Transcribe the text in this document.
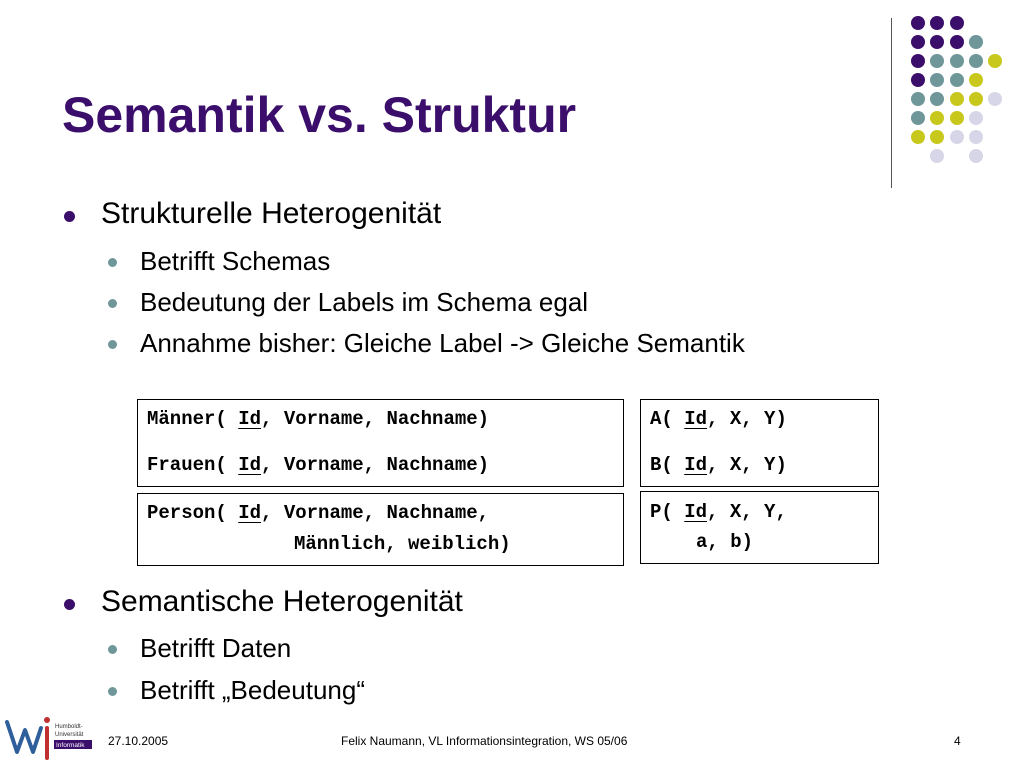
Semantik vs. Struktur
Strukturelle Heterogenität
Betrifft Schemas
Bedeutung der Labels im Schema egal
Annahme bisher: Gleiche Label -> Gleiche Semantik

Männer( Id, Vorname, Nachname)

Frauen( Id, Vorname, Nachname)

Person( Id, Vorname, Nachname,

Männlich, weiblich)

A( Id, X, Y)

B( Id, X, Y)

P( Id, X, Y,

a, b)

Semantische Heterogenität
Betrifft Daten
Betrifft „Bedeutung“
Humboldt-
Universität
Informatik 27.10.2005	Felix Naumann, VL Informationsintegration, WS 05/06	4
